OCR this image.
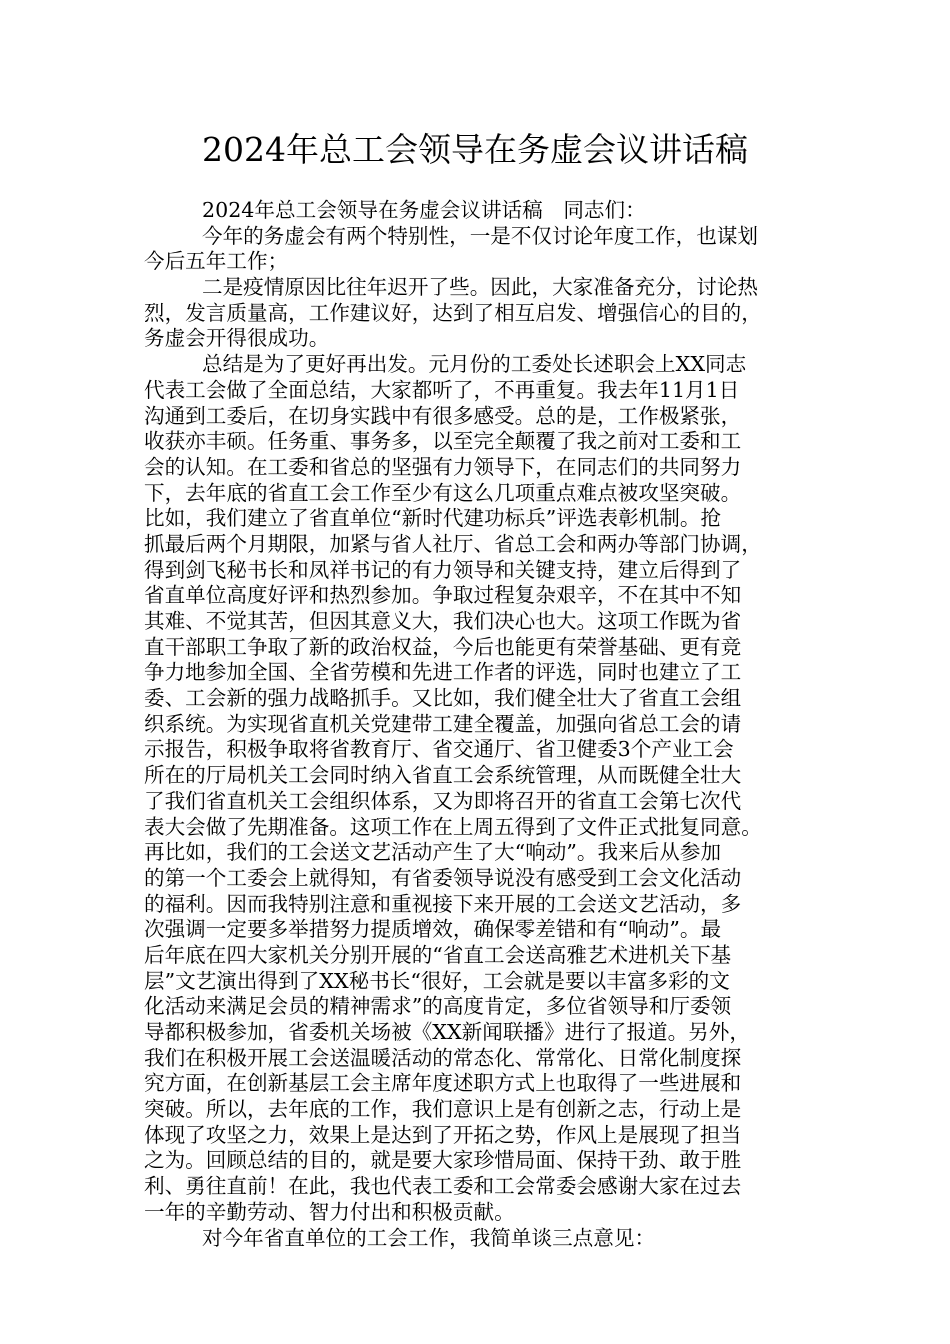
2024年总工会领导在务虚会议讲话稿
2024年总工会领导在务虚会议讲话稿　同志们：
今年的务虚会有两个特别性，一是不仅讨论年度工作，也谋划
今后五年工作；
二是疫情原因比往年迟开了些。因此，大家准备充分，讨论热
烈，发言质量高，工作建议好，达到了相互启发、增强信心的目的，
务虚会开得很成功。
总结是为了更好再出发。元月份的工委处长述职会上XX同志
代表工会做了全面总结，大家都听了，不再重复。我去年11月1日
沟通到工委后，在切身实践中有很多感受。总的是，工作极紧张，
收获亦丰硕。任务重、事务多，以至完全颠覆了我之前对工委和工
会的认知。在工委和省总的坚强有力领导下，在同志们的共同努力
下，去年底的省直工会工作至少有这么几项重点难点被攻坚突破。
比如，我们建立了省直单位“新时代建功标兵”评选表彰机制。抢
抓最后两个月期限，加紧与省人社厅、省总工会和两办等部门协调，
得到剑飞秘书长和凤祥书记的有力领导和关键支持，建立后得到了
省直单位高度好评和热烈参加。争取过程复杂艰辛，不在其中不知
其难、不觉其苦，但因其意义大，我们决心也大。这项工作既为省
直干部职工争取了新的政治权益，今后也能更有荣誉基础、更有竞
争力地参加全国、全省劳模和先进工作者的评选，同时也建立了工
委、工会新的强力战略抓手。又比如，我们健全壮大了省直工会组
织系统。为实现省直机关党建带工建全覆盖，加强向省总工会的请
示报告，积极争取将省教育厅、省交通厅、省卫健委3个产业工会
所在的厅局机关工会同时纳入省直工会系统管理，从而既健全壮大
了我们省直机关工会组织体系，又为即将召开的省直工会第七次代
表大会做了先期准备。这项工作在上周五得到了文件正式批复同意。
再比如，我们的工会送文艺活动产生了大“响动”。我来后从参加
的第一个工委会上就得知，有省委领导说没有感受到工会文化活动
的福利。因而我特别注意和重视接下来开展的工会送文艺活动，多
次强调一定要多举措努力提质增效，确保零差错和有“响动”。最
后年底在四大家机关分别开展的“省直工会送高雅艺术进机关下基
层”文艺演出得到了XX秘书长“很好，工会就是要以丰富多彩的文
化活动来满足会员的精神需求”的高度肯定，多位省领导和厅委领
导都积极参加，省委机关场被《XX新闻联播》进行了报道。另外，
我们在积极开展工会送温暖活动的常态化、常常化、日常化制度探
究方面，在创新基层工会主席年度述职方式上也取得了一些进展和
突破。所以，去年底的工作，我们意识上是有创新之志，行动上是
体现了攻坚之力，效果上是达到了开拓之势，作风上是展现了担当
之为。回顾总结的目的，就是要大家珍惜局面、保持干劲、敢于胜
利、勇往直前！在此，我也代表工委和工会常委会感谢大家在过去
一年的辛勤劳动、智力付出和积极贡献。
对今年省直单位的工会工作，我简单谈三点意见：
